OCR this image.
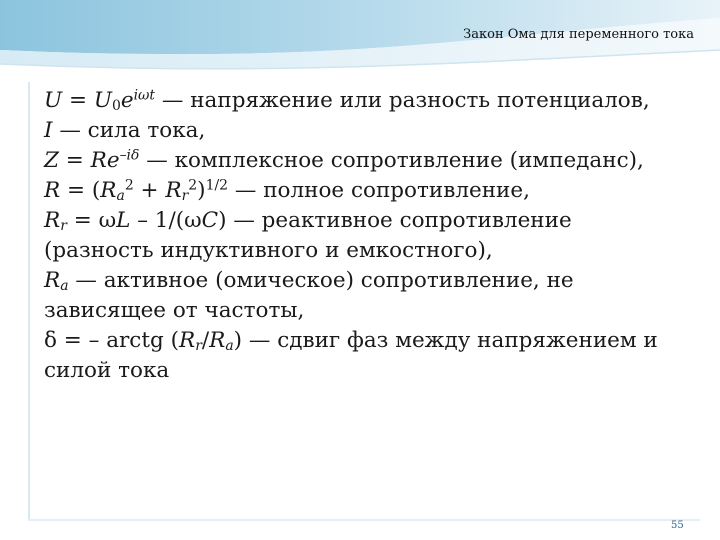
Закон Ома для переменного тока
$U = U_0e^{i\omega t}$ — напряжение или разность потенциалов,
I — сила тока,
$Z = Re^{-i\delta}$ — комплексное сопротивление (импеданс),
$R = (R_a^2 + R_r^2)^{1/2}$ — полное сопротивление,
$R_r = \omega L - 1/(\omega C)$ — реактивное сопротивление
(разность индуктивного и емкостного),
$R_a$ — активное (омическое) сопротивление, не
зависящее от частоты,
δ = – arctg $(R_r/R_a)$ — сдвиг фаз между напряжением и
силой тока
55
